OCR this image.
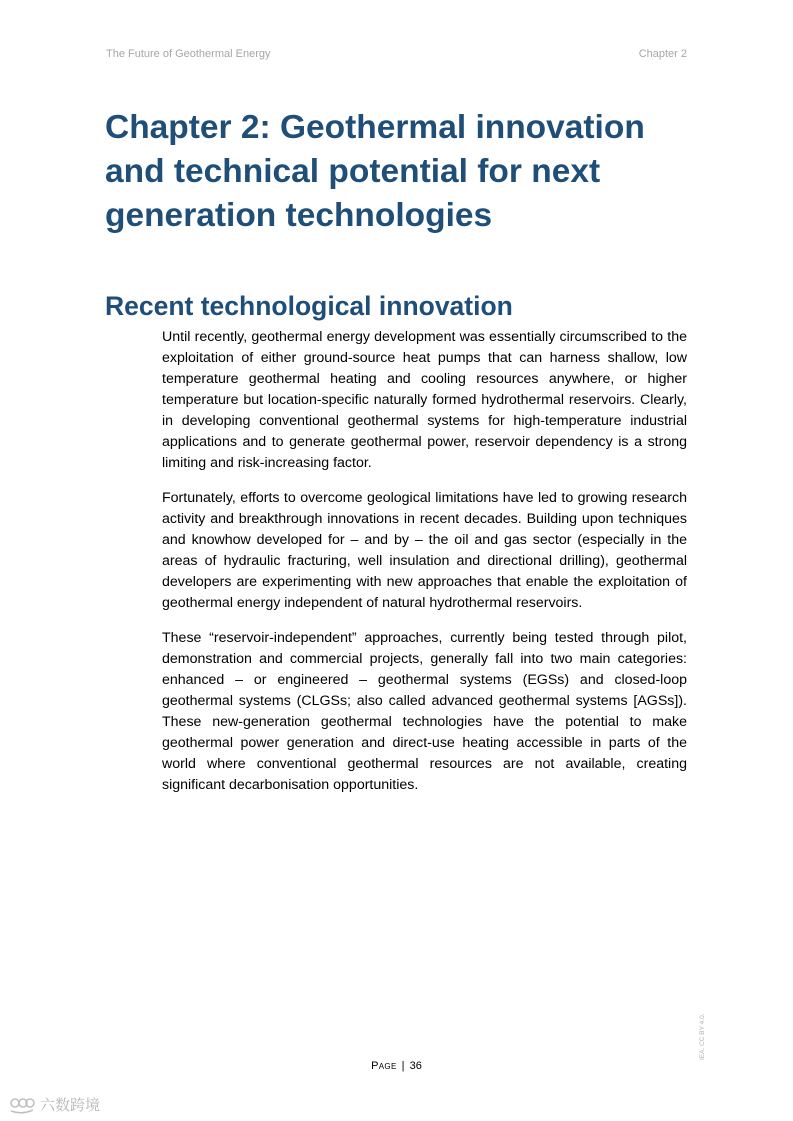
The Future of Geothermal Energy	Chapter 2
Chapter 2: Geothermal innovation and technical potential for next generation technologies
Recent technological innovation

Until recently, geothermal energy development was essentially circumscribed to the exploitation of either ground-source heat pumps that can harness shallow, low temperature geothermal heating and cooling resources anywhere, or higher temperature but location-specific naturally formed hydrothermal reservoirs. Clearly, in developing conventional geothermal systems for high-temperature industrial applications and to generate geothermal power, reservoir dependency is a strong limiting and risk-increasing factor.

Fortunately, efforts to overcome geological limitations have led to growing research activity and breakthrough innovations in recent decades. Building upon techniques and knowhow developed for – and by – the oil and gas sector (especially in the areas of hydraulic fracturing, well insulation and directional drilling), geothermal developers are experimenting with new approaches that enable the exploitation of geothermal energy independent of natural hydrothermal reservoirs.

These “reservoir-independent” approaches, currently being tested through pilot, demonstration and commercial projects, generally fall into two main categories: enhanced – or engineered – geothermal systems (EGSs) and closed-loop geothermal systems (CLGSs; also called advanced geothermal systems [AGSs]). These new-generation geothermal technologies have the potential to make geothermal power generation and direct-use heating accessible in parts of the world where conventional geothermal resources are not available, creating significant decarbonisation opportunities.

Page | 36
IEA. CC BY 4.0.
六数跨境
